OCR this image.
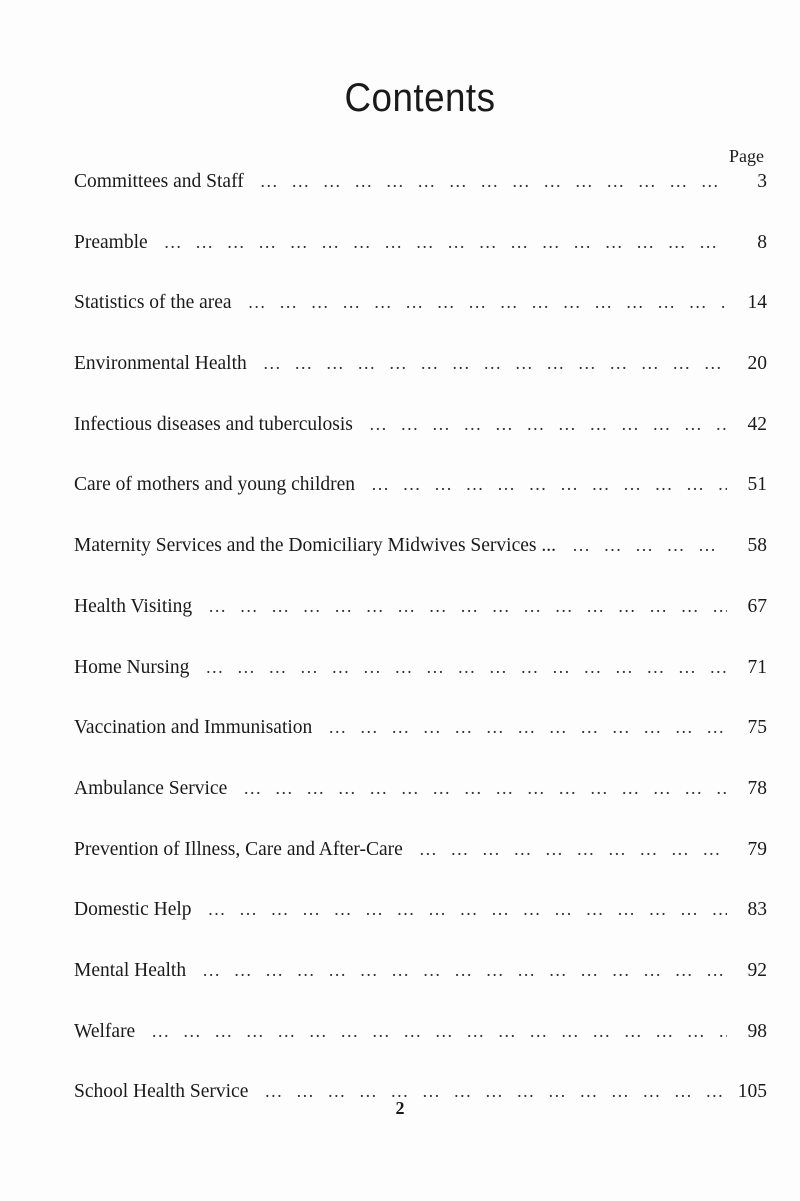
Contents
Page
Committees and Staff … … … … … … … … … … … … … … … … … … … … …	3
Preamble … … … … … … … … … … … … … … … … … … … … …	8
Statistics of the area … … … … … … … … … … … … … … … … … … … … …	14
Environmental Health … … … … … … … … … … … … … … … … … … … … …	20
Infectious diseases and tuberculosis … … … … … … … … … … … … … … … … … … … … …	42
Care of mothers and young children … … … … … … … … … … … … … … … … … … … … …	51
Maternity Services and the Domiciliary Midwives Services ... … … … … … … … … … … … … … … … … … … … … …	58
Health Visiting … … … … … … … … … … … … … … … … … … … … …	67
Home Nursing … … … … … … … … … … … … … … … … … … … … …	71
Vaccination and Immunisation … … … … … … … … … … … … … … … … … … … … …	75
Ambulance Service … … … … … … … … … … … … … … … … … … … … …	78
Prevention of Illness, Care and After-Care … … … … … … … … … … … … … … … … … … … … …	79
Domestic Help … … … … … … … … … … … … … … … … … … … … …	83
Mental Health … … … … … … … … … … … … … … … … … … … … …	92
Welfare … … … … … … … … … … … … … … … … … … … … …	98
School Health Service … … … … … … … … … … … … … … … … … … … … …	105
2
